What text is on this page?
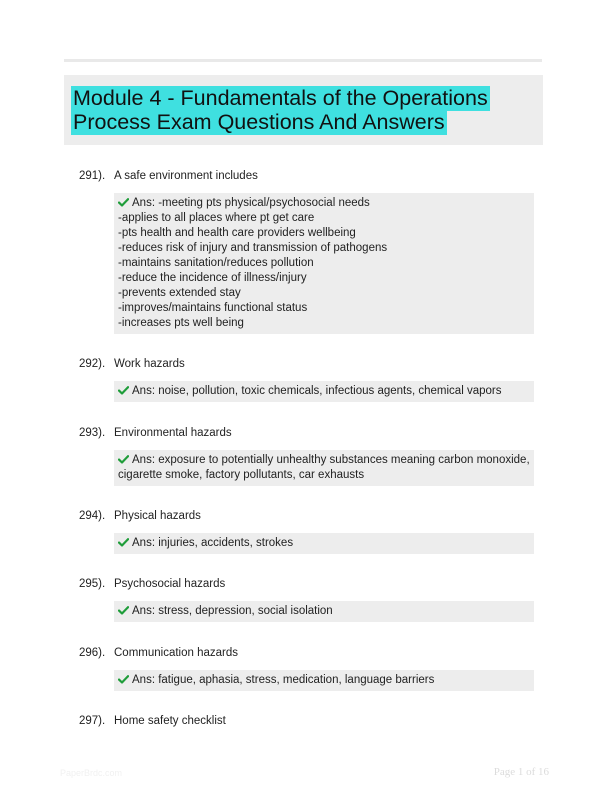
Module 4 - Fundamentals of the Operations
Process Exam Questions And Answers
291). A safe environment includes
Ans: -meeting pts physical/psychosocial needs
-applies to all places where pt get care
-pts health and health care providers wellbeing
-reduces risk of injury and transmission of pathogens
-maintains sanitation/reduces pollution
-reduce the incidence of illness/injury
-prevents extended stay
-improves/maintains functional status
-increases pts well being
292). Work hazards
Ans: noise, pollution, toxic chemicals, infectious agents, chemical vapors
293). Environmental hazards
Ans: exposure to potentially unhealthy substances meaning carbon monoxide,
cigarette smoke, factory pollutants, car exhausts
294). Physical hazards
Ans: injuries, accidents, strokes
295). Psychosocial hazards
Ans: stress, depression, social isolation
296). Communication hazards
Ans: fatigue, aphasia, stress, medication, language barriers
297). Home safety checklist
PaperBrdc.com	Page 1 of 16
